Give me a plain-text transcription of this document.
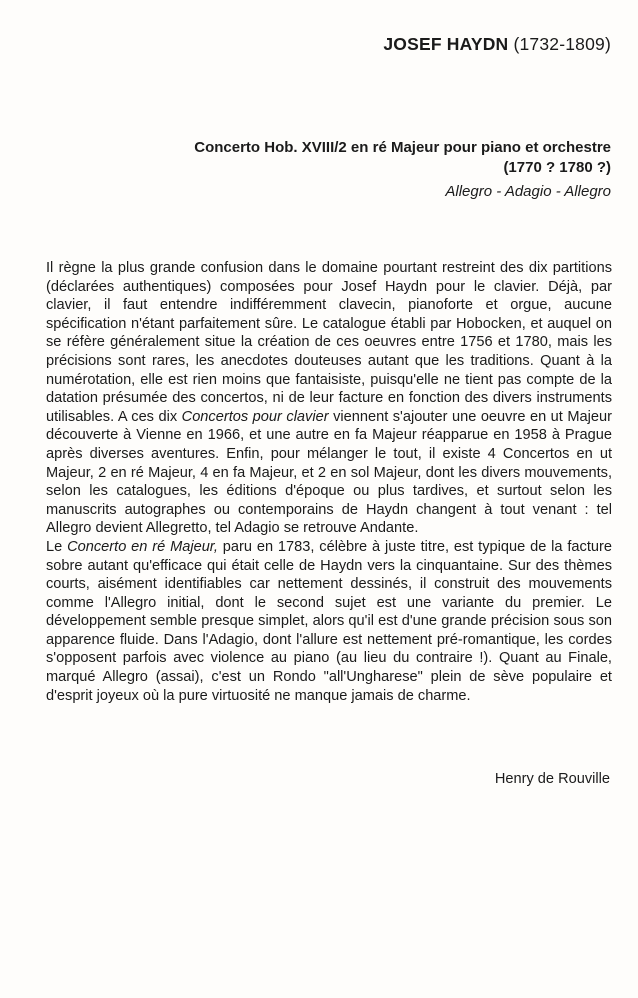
JOSEF HAYDN (1732-1809)
Concerto Hob. XVIII/2 en ré Majeur pour piano et orchestre
(1770 ? 1780 ?)
Allegro - Adagio - Allegro

Il règne la plus grande confusion dans le domaine pourtant restreint des dix partitions (déclarées authentiques) composées pour Josef Haydn pour le clavier. Déjà, par clavier, il faut entendre indifféremment clavecin, pianoforte et orgue, aucune spécification n'étant parfaitement sûre. Le catalogue établi par Hobocken, et auquel on se réfère généralement situe la création de ces oeuvres entre 1756 et 1780, mais les précisions sont rares, les anecdotes douteuses autant que les traditions. Quant à la numérotation, elle est rien moins que fantaisiste, puisqu'elle ne tient pas compte de la datation présumée des concertos, ni de leur facture en fonction des divers instruments utilisables. A ces dix Concertos pour clavier viennent s'ajouter une oeuvre en ut Majeur découverte à Vienne en 1966, et une autre en fa Majeur réapparue en 1958 à Prague après diverses aventures. Enfin, pour mélanger le tout, il existe 4 Concertos en ut Majeur, 2 en ré Majeur, 4 en fa Majeur, et 2 en sol Majeur, dont les divers mouvements, selon les catalogues, les éditions d'époque ou plus tardives, et surtout selon les manuscrits autographes ou contemporains de Haydn changent à tout venant : tel Allegro devient Allegretto, tel Adagio se retrouve Andante.

Le Concerto en ré Majeur, paru en 1783, célèbre à juste titre, est typique de la facture sobre autant qu'efficace qui était celle de Haydn vers la cinquantaine. Sur des thèmes courts, aisément identifiables car nettement dessinés, il construit des mouvements comme l'Allegro initial, dont le second sujet est une variante du premier. Le développement semble presque simplet, alors qu'il est d'une grande précision sous son apparence fluide. Dans l'Adagio, dont l'allure est nettement pré-romantique, les cordes s'opposent parfois avec violence au piano (au lieu du contraire !). Quant au Finale, marqué Allegro (assai), c'est un Rondo "all'Ungharese" plein de sève populaire et d'esprit joyeux où la pure virtuosité ne manque jamais de charme.

Henry de Rouville
